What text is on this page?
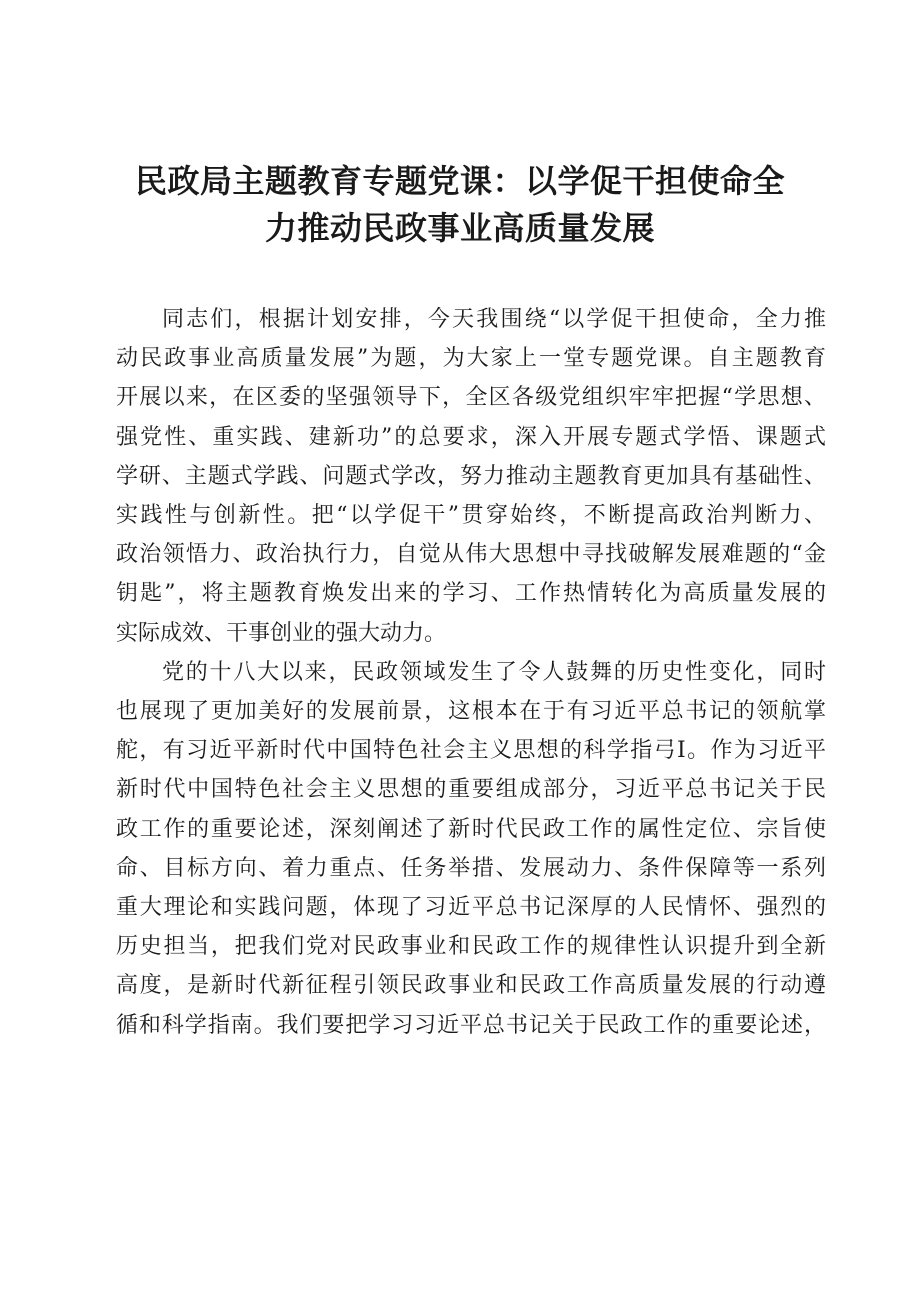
民政局主题教育专题党课：以学促干担使命全
力推动民政事业高质量发展

同志们，根据计划安排，今天我围绕“以学促干担使命，全力推
动民政事业高质量发展”为题，为大家上一堂专题党课。自主题教育
开展以来，在区委的坚强领导下，全区各级党组织牢牢把握“学思想、
强党性、重实践、建新功”的总要求，深入开展专题式学悟、课题式
学研、主题式学践、问题式学改，努力推动主题教育更加具有基础性、
实践性与创新性。把“以学促干”贯穿始终，不断提高政治判断力、
政治领悟力、政治执行力，自觉从伟大思想中寻找破解发展难题的“金
钥匙”，将主题教育焕发出来的学习、工作热情转化为高质量发展的
实际成效、干事创业的强大动力。

党的十八大以来，民政领域发生了令人鼓舞的历史性变化，同时
也展现了更加美好的发展前景，这根本在于有习近平总书记的领航掌
舵，有习近平新时代中国特色社会主义思想的科学指弓I。作为习近平
新时代中国特色社会主义思想的重要组成部分，习近平总书记关于民
政工作的重要论述，深刻阐述了新时代民政工作的属性定位、宗旨使
命、目标方向、着力重点、任务举措、发展动力、条件保障等一系列
重大理论和实践问题，体现了习近平总书记深厚的人民情怀、强烈的
历史担当，把我们党对民政事业和民政工作的规律性认识提升到全新
高度，是新时代新征程引领民政事业和民政工作高质量发展的行动遵
循和科学指南。我们要把学习习近平总书记关于民政工作的重要论述，
